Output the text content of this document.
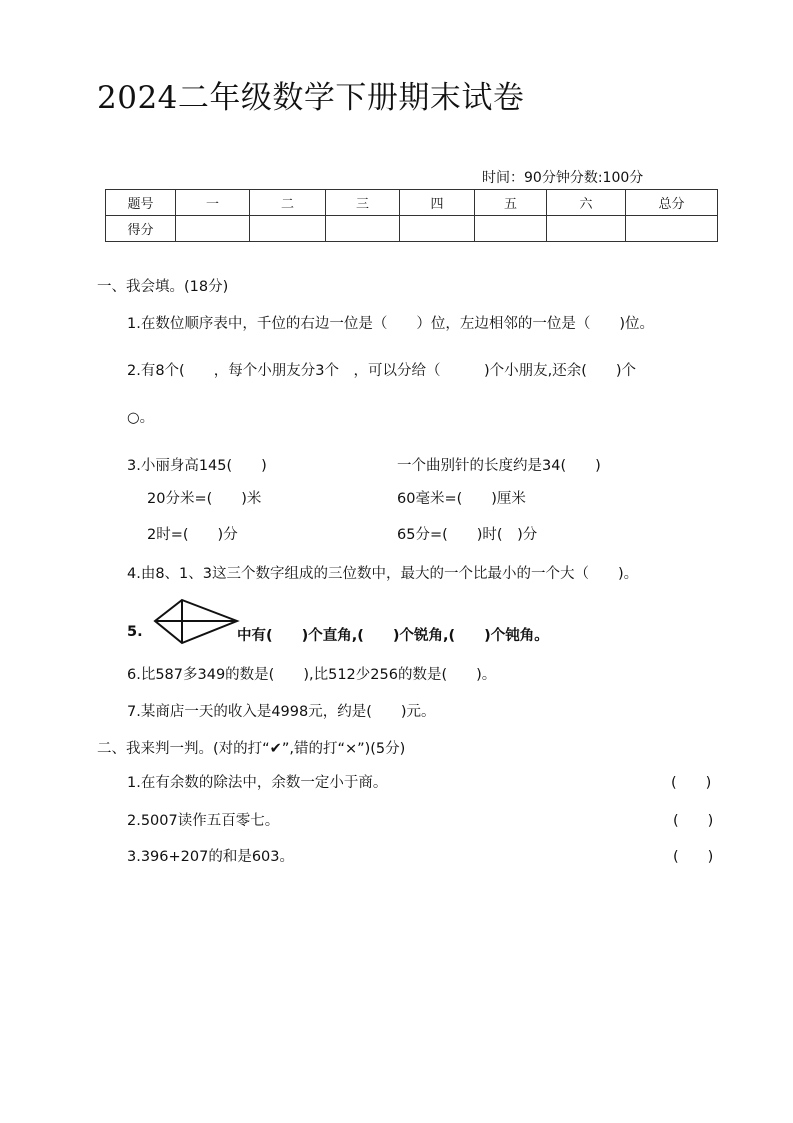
2024二年级数学下册期末试卷
时间：90分钟分数:100分
题号	一	二	三	四	五	六	总分
得分							
一、我会填。(18分)
1.在数位顺序表中，千位的右边一位是（　　）位，左边相邻的一位是（　　)位。
2.有8个(　　，每个小朋友分3个　，可以分给（　　　)个小朋友,还余(　　)个
○。
3.小丽身高145(　　)	一个曲别针的长度约是34(　　)
20分米=(　　)米	60毫米=(　　)厘米
2时=(　　)分	65分=(　　)时(　)分
4.由8、1、3这三个数字组成的三位数中，最大的一个比最小的一个大（　　)。
5.	中有(　　)个直角,(　　)个锐角,(　　)个钝角。
6.比587多349的数是(　　),比512少256的数是(　　)。
7.某商店一天的收入是4998元，约是(　　)元。
二、我来判一判。(对的打“✔”,错的打“×”)(5分)
1.在有余数的除法中，余数一定小于商。	(　　)
2.5007读作五百零七。	(　　)
3.396+207的和是603。	(　　)
